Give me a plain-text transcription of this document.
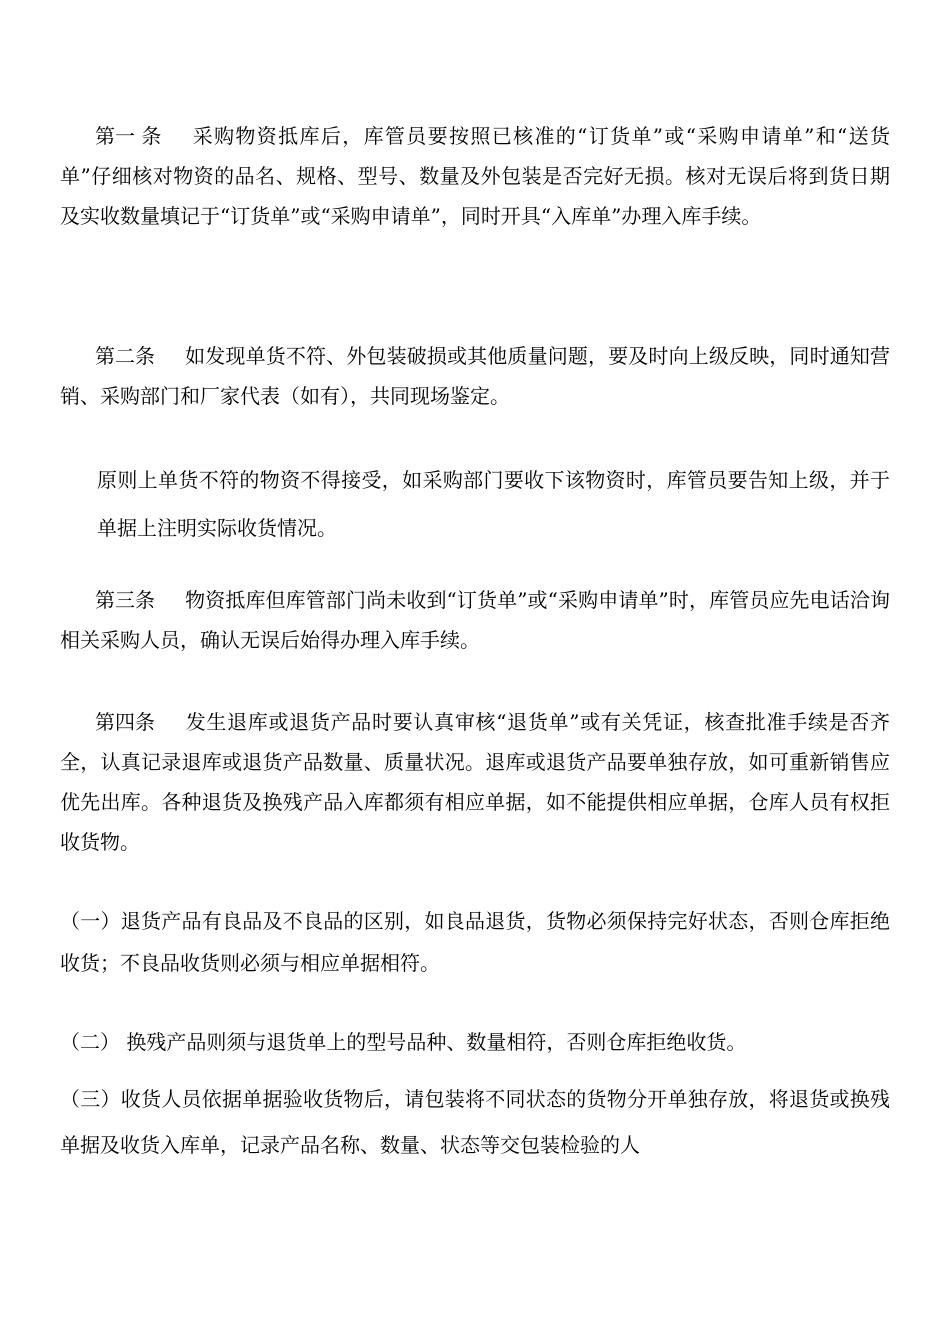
第一 条 采购物资抵库后，库管员要按照已核准的“订货单”或“采购申请单”和“送货单”仔细核对物资的品名、规格、型号、数量及外包装是否完好无损。核对无误后将到货日期及实收数量填记于“订货单”或“采购申请单”，同时开具“入库单”办理入库手续。

第二条 如发现单货不符、外包装破损或其他质量问题，要及时向上级反映，同时通知营销、采购部门和厂家代表（如有），共同现场鉴定。

原则上单货不符的物资不得接受，如采购部门要收下该物资时，库管员要告知上级，并于单据上注明实际收货情况。

第三条 物资抵库但库管部门尚未收到“订货单”或“采购申请单”时，库管员应先电话洽询相关采购人员，确认无误后始得办理入库手续。

第四条 发生退库或退货产品时要认真审核“退货单”或有关凭证，核查批准手续是否齐全，认真记录退库或退货产品数量、质量状况。退库或退货产品要单独存放，如可重新销售应优先出库。各种退货及换残产品入库都须有相应单据，如不能提供相应单据，仓库人员有权拒收货物。

（一）退货产品有良品及不良品的区别，如良品退货，货物必须保持完好状态，否则仓库拒绝收货；不良品收货则必须与相应单据相符。

（二） 换残产品则须与退货单上的型号品种、数量相符，否则仓库拒绝收货。

（三）收货人员依据单据验收货物后，请包装将不同状态的货物分开单独存放，将退货或换残单据及收货入库单，记录产品名称、数量、状态等交包装检验的人
